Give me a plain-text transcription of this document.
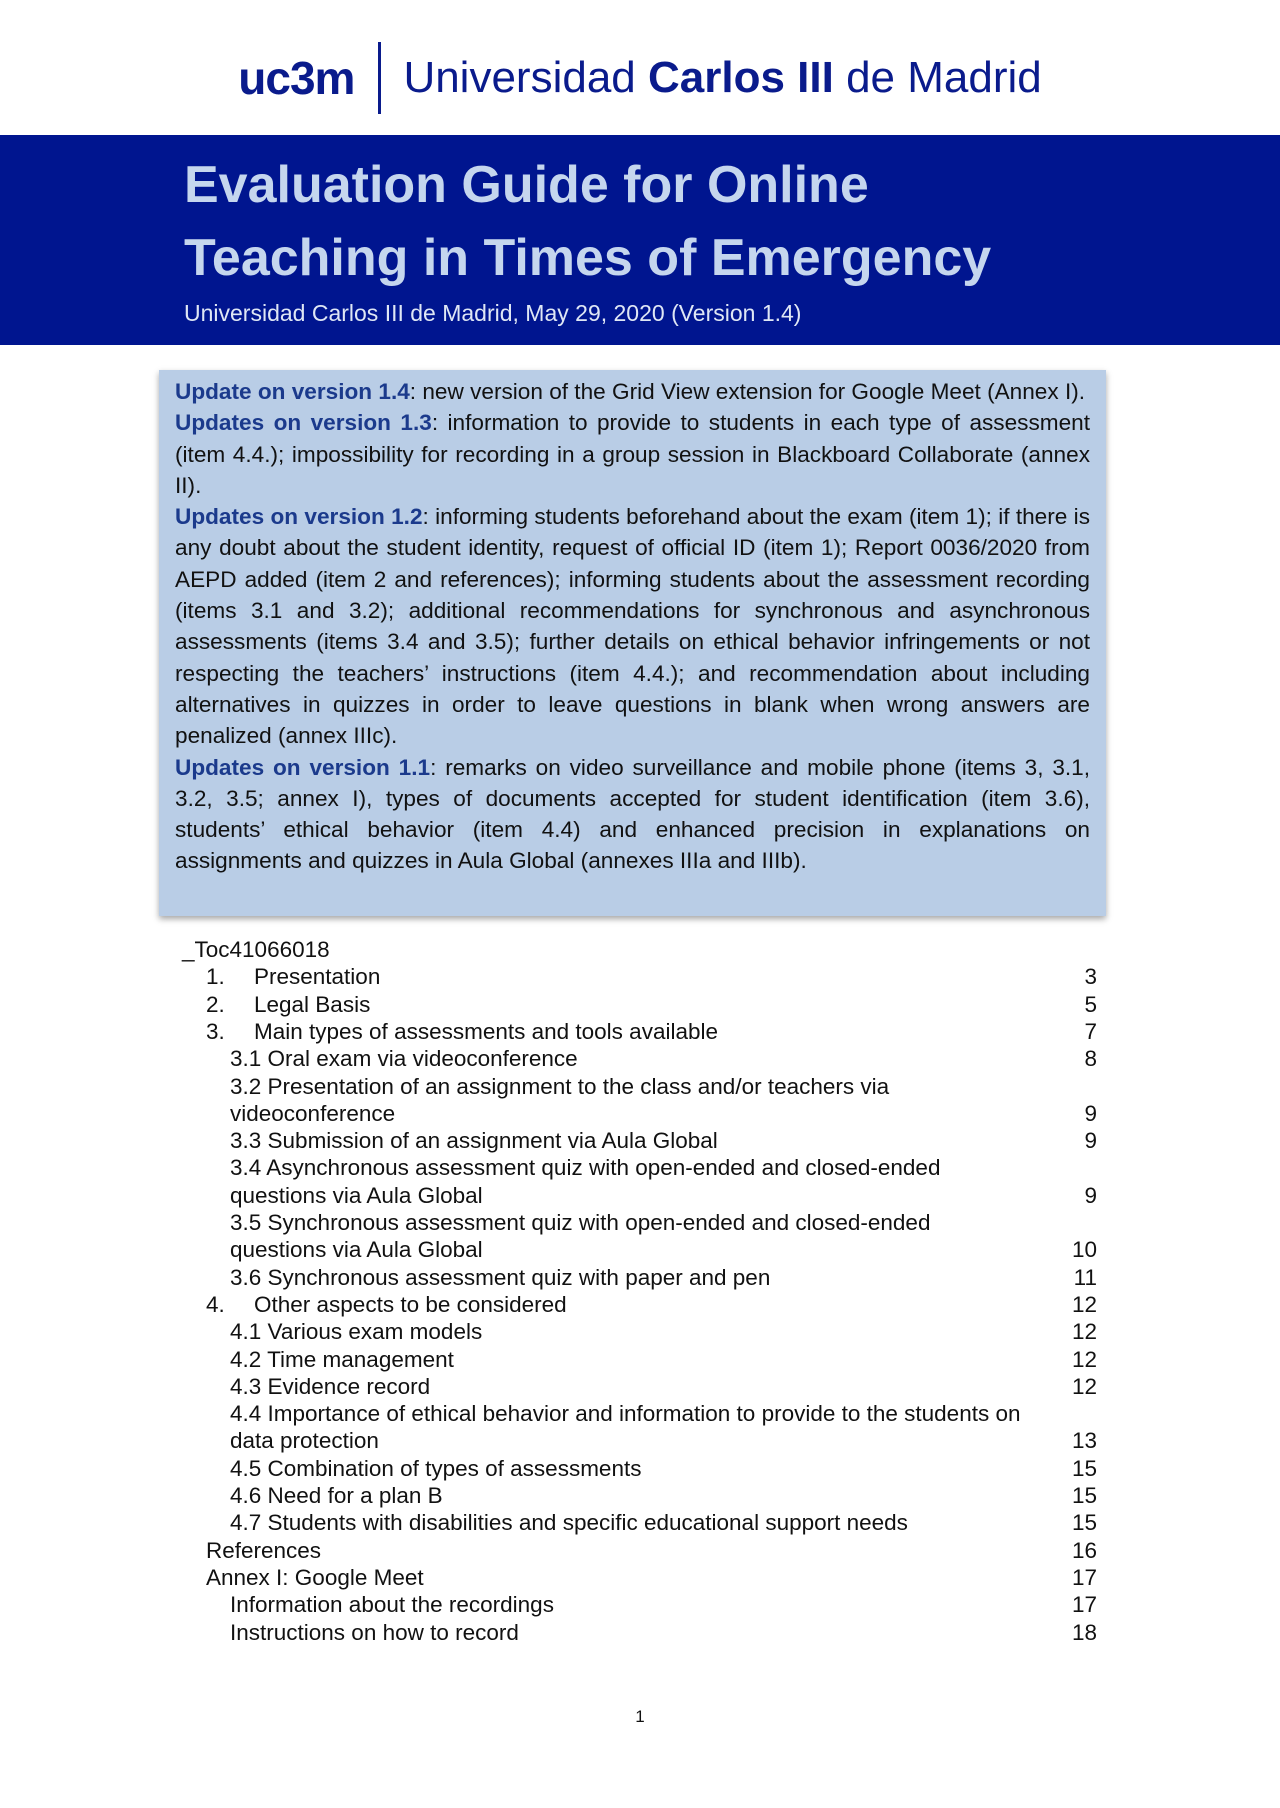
uc3m Universidad Carlos III de Madrid
Evaluation Guide for Online
Teaching in Times of Emergency
Universidad Carlos III de Madrid, May 29, 2020 (Version 1.4)

Update on version 1.4: new version of the Grid View extension for Google Meet (Annex I).

Updates on version 1.3: information to provide to students in each type of assessment (item 4.4.); impossibility for recording in a group session in Blackboard Collaborate (annex II).

Updates on version 1.2: informing students beforehand about the exam (item 1); if there is any doubt about the student identity, request of official ID (item 1); Report 0036/2020 from AEPD added (item 2 and references); informing students about the assessment recording (items 3.1 and 3.2); additional recommendations for synchronous and asynchronous assessments (items 3.4 and 3.5); further details on ethical behavior infringements or not respecting the teachers’ instructions (item 4.4.); and recommendation about including alternatives in quizzes in order to leave questions in blank when wrong answers are penalized (annex IIIc).

Updates on version 1.1: remarks on video surveillance and mobile phone (items 3, 3.1, 3.2, 3.5; annex I), types of documents accepted for student identification (item 3.6), students’ ethical behavior (item 4.4) and enhanced precision in explanations on assignments and quizzes in Aula Global (annexes IIIa and IIIb).

_Toc41066018
1. Presentation	3
2. Legal Basis	5
3. Main types of assessments and tools available	7
3.1 Oral exam via videoconference	8
3.2 Presentation of an assignment to the class and/or teachers via
videoconference	9
3.3 Submission of an assignment via Aula Global	9
3.4 Asynchronous assessment quiz with open-ended and closed-ended
questions via Aula Global	9
3.5 Synchronous assessment quiz with open-ended and closed-ended
questions via Aula Global	10
3.6 Synchronous assessment quiz with paper and pen	11
4. Other aspects to be considered	12
4.1 Various exam models	12
4.2 Time management	12
4.3 Evidence record	12
4.4 Importance of ethical behavior and information to provide to the students on
data protection	13
4.5 Combination of types of assessments	15
4.6 Need for a plan B	15
4.7 Students with disabilities and specific educational support needs	15
References	16
Annex I: Google Meet	17
Information about the recordings	17
Instructions on how to record	18
1
